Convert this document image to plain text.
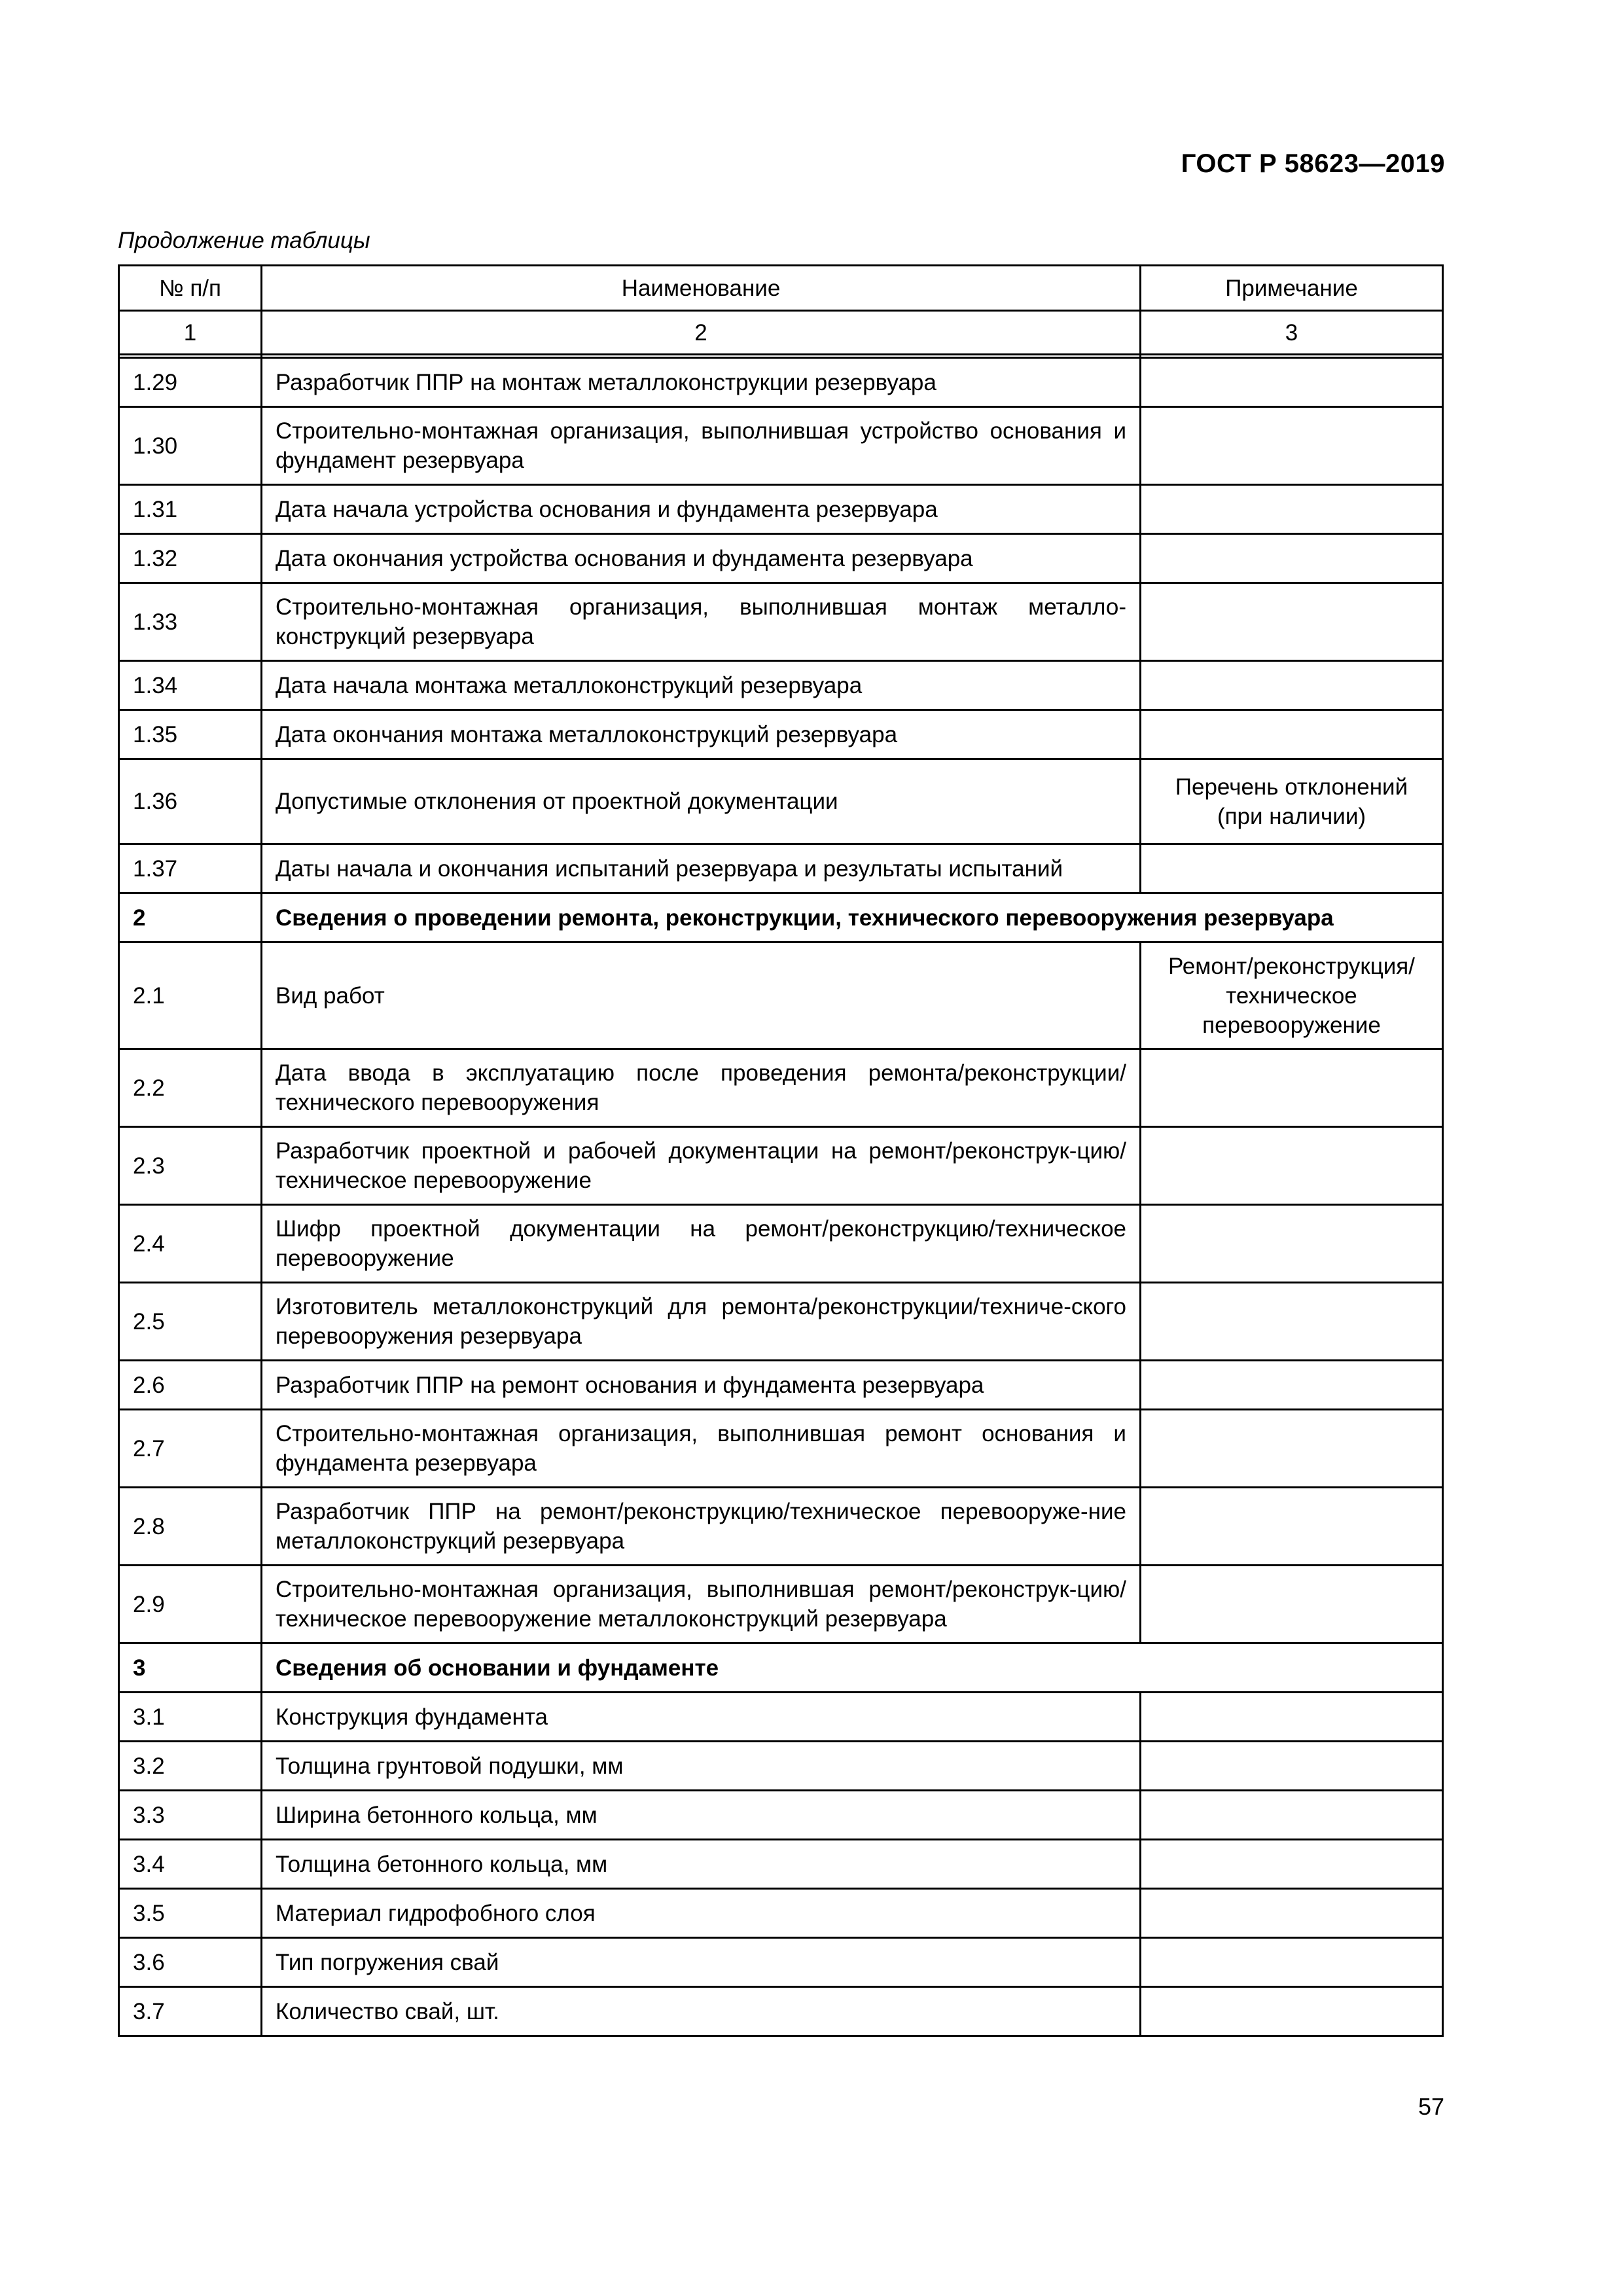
ГОСТ Р 58623—2019
Продолжение таблицы
№ п/п	Наименование	Примечание
1	2	3

1.29	Разработчик ППР на монтаж металлоконструкции резервуара	
1.30	Строительно-монтажная организация, выполнившая устройство основания и фундамент резервуара	
1.31	Дата начала устройства основания и фундамента резервуара	
1.32	Дата окончания устройства основания и фундамента резервуара	
1.33	Строительно-монтажная организация, выполнившая монтаж металло-конструкций резервуара	
1.34	Дата начала монтажа металлоконструкций резервуара	
1.35	Дата окончания монтажа металлоконструкций резервуара	
1.36	Допустимые отклонения от проектной документации	Перечень отклонений (при наличии)
1.37	Даты начала и окончания испытаний резервуара и результаты испытаний	
2	Сведения о проведении ремонта, реконструкции, технического перевооружения резервуара	
2.1	Вид работ	Ремонт/реконструкция/ техническое перевооружение
2.2	Дата ввода в эксплуатацию после проведения ремонта/реконструкции/ технического перевооружения	
2.3	Разработчик проектной и рабочей документации на ремонт/реконструк-цию/техническое перевооружение	
2.4	Шифр проектной документации на ремонт/реконструкцию/техническое перевооружение	
2.5	Изготовитель металлоконструкций для ремонта/реконструкции/техниче-ского перевооружения резервуара	
2.6	Разработчик ППР на ремонт основания и фундамента резервуара	
2.7	Строительно-монтажная организация, выполнившая ремонт основания и фундамента резервуара	
2.8	Разработчик ППР на ремонт/реконструкцию/техническое перевооруже-ние металлоконструкций резервуара	
2.9	Строительно-монтажная организация, выполнившая ремонт/реконструк-цию/техническое перевооружение металлоконструкций резервуара	
3	Сведения об основании и фундаменте	
3.1	Конструкция фундамента	
3.2	Толщина грунтовой подушки, мм	
3.3	Ширина бетонного кольца, мм	
3.4	Толщина бетонного кольца, мм	
3.5	Материал гидрофобного слоя	
3.6	Тип погружения свай	
3.7	Количество свай, шт.	
57
